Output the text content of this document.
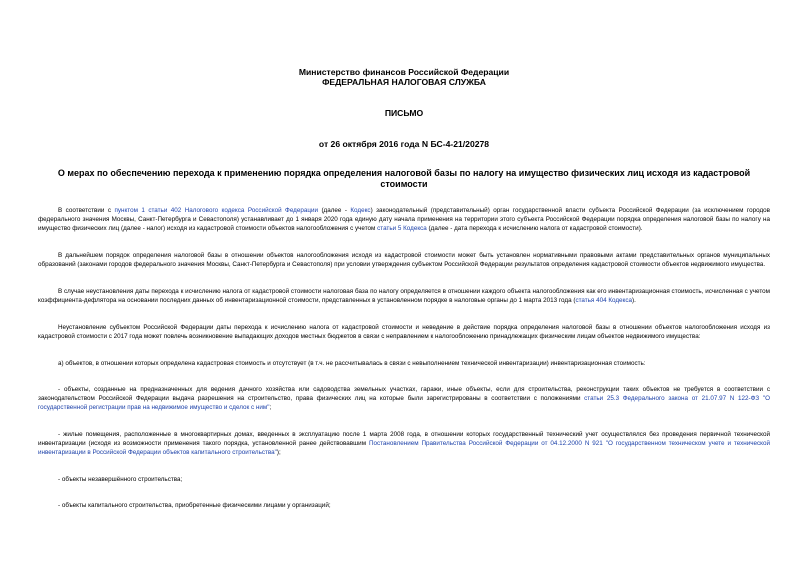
Министерство финансов Российской Федерации
ФЕДЕРАЛЬНАЯ НАЛОГОВАЯ СЛУЖБА
ПИСЬМО
от 26 октября 2016 года N БС-4-21/20278
О мерах по обеспечению перехода к применению порядка определения налоговой базы по налогу на имущество физических лиц исходя из кадастровой стоимости

В соответствии с пунктом 1 статьи 402 Налогового кодекса Российской Федерации (далее - Кодекс) законодательный (представительный) орган государственной власти субъекта Российской Федерации (за исключением городов федерального значения Москвы, Санкт-Петербурга и Севастополя) устанавливает до 1 января 2020 года единую дату начала применения на территории этого субъекта Российской Федерации порядка определения налоговой базы по налогу на имущество физических лиц (далее - налог) исходя из кадастровой стоимости объектов налогообложения с учетом статьи 5 Кодекса (далее - дата перехода к исчислению налога от кадастровой стоимости).

В дальнейшем порядок определения налоговой базы в отношении объектов налогообложения исходя из кадастровой стоимости может быть установлен нормативными правовыми актами представительных органов муниципальных образований (законами городов федерального значения Москвы, Санкт-Петербурга и Севастополя) при условии утверждения субъектом Российской Федерации результатов определения кадастровой стоимости объектов недвижимого имущества.

В случае неустановления даты перехода к исчислению налога от кадастровой стоимости налоговая база по налогу определяется в отношении каждого объекта налогообложения как его инвентаризационная стоимость, исчисленная с учетом коэффициента-дефлятора на основании последних данных об инвентаризационной стоимости, представленных в установленном порядке в налоговые органы до 1 марта 2013 года (статья 404 Кодекса).

Неустановление субъектом Российской Федерации даты перехода к исчислению налога от кадастровой стоимости и неведение в действие порядка определения налоговой базы в отношении объектов налогообложения исходя из кадастровой стоимости с 2017 года может повлечь возникновение выпадающих доходов местных бюджетов в связи с неправлением к налогообложению принадлежащих физическим лицам объектов недвижимого имущества:

а) объектов, в отношении которых определена кадастровая стоимость и отсутствует (в т.ч. не рассчитывалась в связи с невыполнением технической инвентаризации) инвентаризационная стоимость:

- объекты, созданные на предназначенных для ведения дачного хозяйства или садоводства земельных участках, гаражи, иные объекты, если для строительства, реконструкции таких объектов не требуется в соответствии с законодательством Российской Федерации выдача разрешения на строительство, права физических лиц на которые были зарегистрированы в соответствии с положениями статьи 25.3 Федерального закона от 21.07.97 N 122-ФЗ "О государственной регистрации прав на недвижимое имущество и сделок с ним";

- жилые помещения, расположенные в многоквартирных домах, введенных в эксплуатацию после 1 марта 2008 года, в отношении которых государственный технический учет осуществлялся без проведения первичной технической инвентаризации (исходя из возможности применения такого порядка, установленной ранее действовавшим Постановлением Правительства Российской Федерации от 04.12.2000 N 921 "О государственном техническом учете и технической инвентаризации в Российской Федерации объектов капитального строительства");

- объекты незавершённого строительства;

- объекты капитального строительства, приобретенные физическими лицами у организаций;
